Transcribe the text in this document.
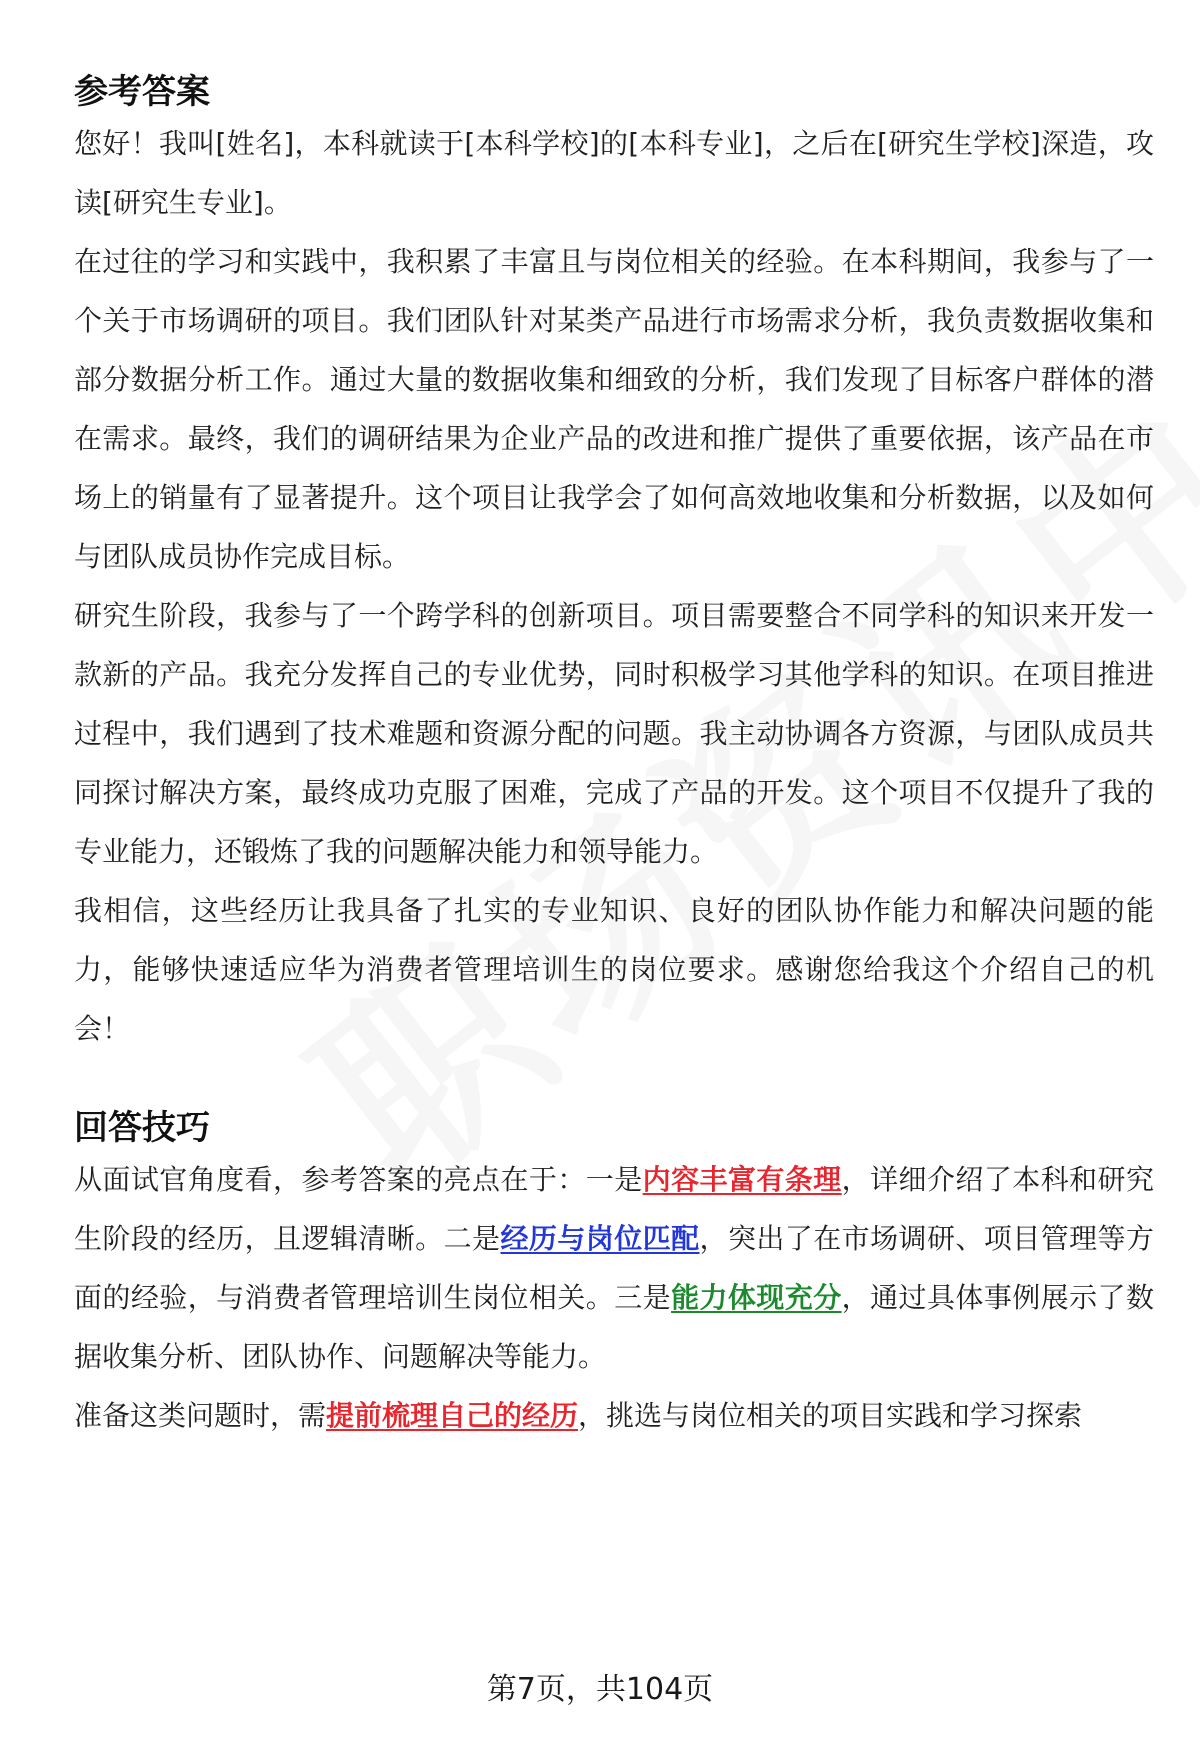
参考答案

您好！我叫[姓名]，本科就读于[本科学校]的[本科专业]，之后在[研究生学校]深造，攻读[研究生专业]。

在过往的学习和实践中，我积累了丰富且与岗位相关的经验。在本科期间，我参与了一个关于市场调研的项目。我们团队针对某类产品进行市场需求分析，我负责数据收集和部分数据分析工作。通过大量的数据收集和细致的分析，我们发现了目标客户群体的潜在需求。最终，我们的调研结果为企业产品的改进和推广提供了重要依据，该产品在市场上的销量有了显著提升。这个项目让我学会了如何高效地收集和分析数据，以及如何与团队成员协作完成目标。

研究生阶段，我参与了一个跨学科的创新项目。项目需要整合不同学科的知识来开发一款新的产品。我充分发挥自己的专业优势，同时积极学习其他学科的知识。在项目推进过程中，我们遇到了技术难题和资源分配的问题。我主动协调各方资源，与团队成员共同探讨解决方案，最终成功克服了困难，完成了产品的开发。这个项目不仅提升了我的专业能力，还锻炼了我的问题解决能力和领导能力。

我相信，这些经历让我具备了扎实的专业知识、良好的团队协作能力和解决问题的能力，能够快速适应华为消费者管理培训生的岗位要求。感谢您给我这个介绍自己的机会！

回答技巧

从面试官角度看，参考答案的亮点在于：一是内容丰富有条理，详细介绍了本科和研究生阶段的经历，且逻辑清晰。二是经历与岗位匹配，突出了在市场调研、项目管理等方面的经验，与消费者管理培训生岗位相关。三是能力体现充分，通过具体事例展示了数据收集分析、团队协作、问题解决等能力。

准备这类问题时，需提前梳理自己的经历，挑选与岗位相关的项目实践和学习探索

第7页，共104页
